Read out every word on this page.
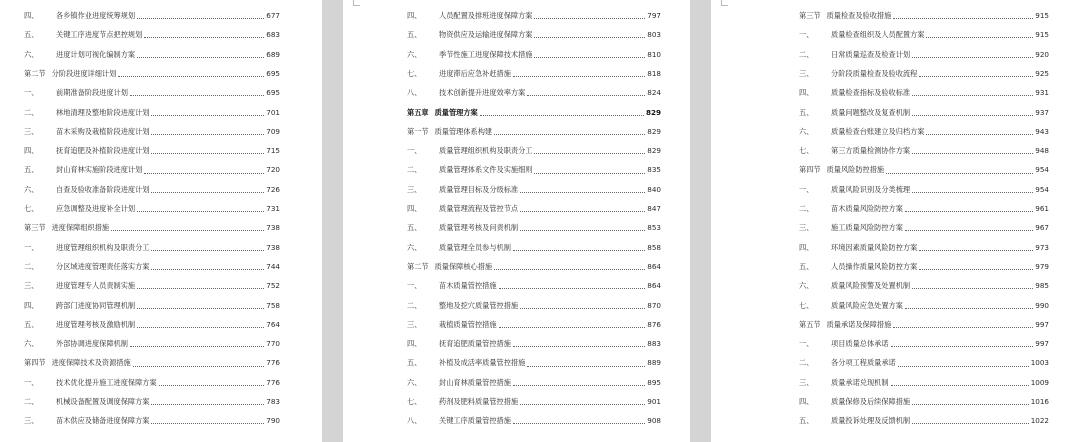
四、	各乡镇作业进度统筹规划	677
五、	关键工序进度节点把控规划	683
六、	进度计划可视化编制方案	689
第二节 分阶段进度详细计划	695
一、	前期准备阶段进度计划	695
二、	林地清理及整地阶段进度计划	701
三、	苗木采购及栽植阶段进度计划	709
四、	抚育追肥及补植阶段进度计划	715
五、	封山育林实施阶段进度计划	720
六、	自查及验收准备阶段进度计划	726
七、	应急调整及进度补全计划	731
第三节 进度保障组织措施	738
一、	进度管理组织机构及职责分工	738
二、	分区域进度管理责任落实方案	744
三、	进度管理专人员责制实施	752
四、	跨部门进度协同管理机制	758
五、	进度管理考核及激励机制	764
六、	外部协调进度保障机制	770
第四节 进度保障技术及资源措施	776
一、	技术优化提升施工进度保障方案	776
二、	机械设备配置及调度保障方案	783
三、	苗木供应及储备进度保障方案	790
四、	人员配置及排班进度保障方案	797
五、	物资供应及运输进度保障方案	803
六、	季节性施工进度保障技术措施	810
七、	进度滞后应急补赶措施	818
八、	技术创新提升进度效率方案	824
第五章 质量管理方案	829
第一节 质量管理体系构建	829
一、	质量管理组织机构及职责分工	829
二、	质量管理体系文件及实施细则	835
三、	质量管理目标及分级标准	840
四、	质量管理流程及管控节点	847
五、	质量管理考核及问责机制	853
六、	质量管理全员参与机制	858
第二节 质量保障核心措施	864
一、	苗木质量管控措施	864
二、	整地及挖穴质量管控措施	870
三、	栽植质量管控措施	876
四、	抚育追肥质量管控措施	883
五、	补植及成活率质量管控措施	889
六、	封山育林质量管控措施	895
七、	药剂及肥料质量管控措施	901
八、	关键工序质量管控措施	908
第三节 质量检查及验收措施	915
一、	质量检查组织及人员配置方案	915
二、	日常质量巡查及检查计划	920
三、	分阶段质量检查及验收流程	925
四、	质量检查指标及验收标准	931
五、	质量问题整改及复查机制	937
六、	质量检查台账建立及归档方案	943
七、	第三方质量检测协作方案	948
第四节 质量风险防控措施	954
一、	质量风险识别及分类梳理	954
二、	苗木质量风险防控方案	961
三、	施工质量风险防控方案	967
四、	环境因素质量风险防控方案	973
五、	人员操作质量风险防控方案	979
六、	质量风险预警及处置机制	985
七、	质量风险应急处置方案	990
第五节 质量承诺及保障措施	997
一、	项目质量总体承诺	997
二、	各分项工程质量承诺	1003
三、	质量承诺兑现机制	1009
四、	质量保修及后续保障措施	1016
五、	质量投诉处理及反馈机制	1022
